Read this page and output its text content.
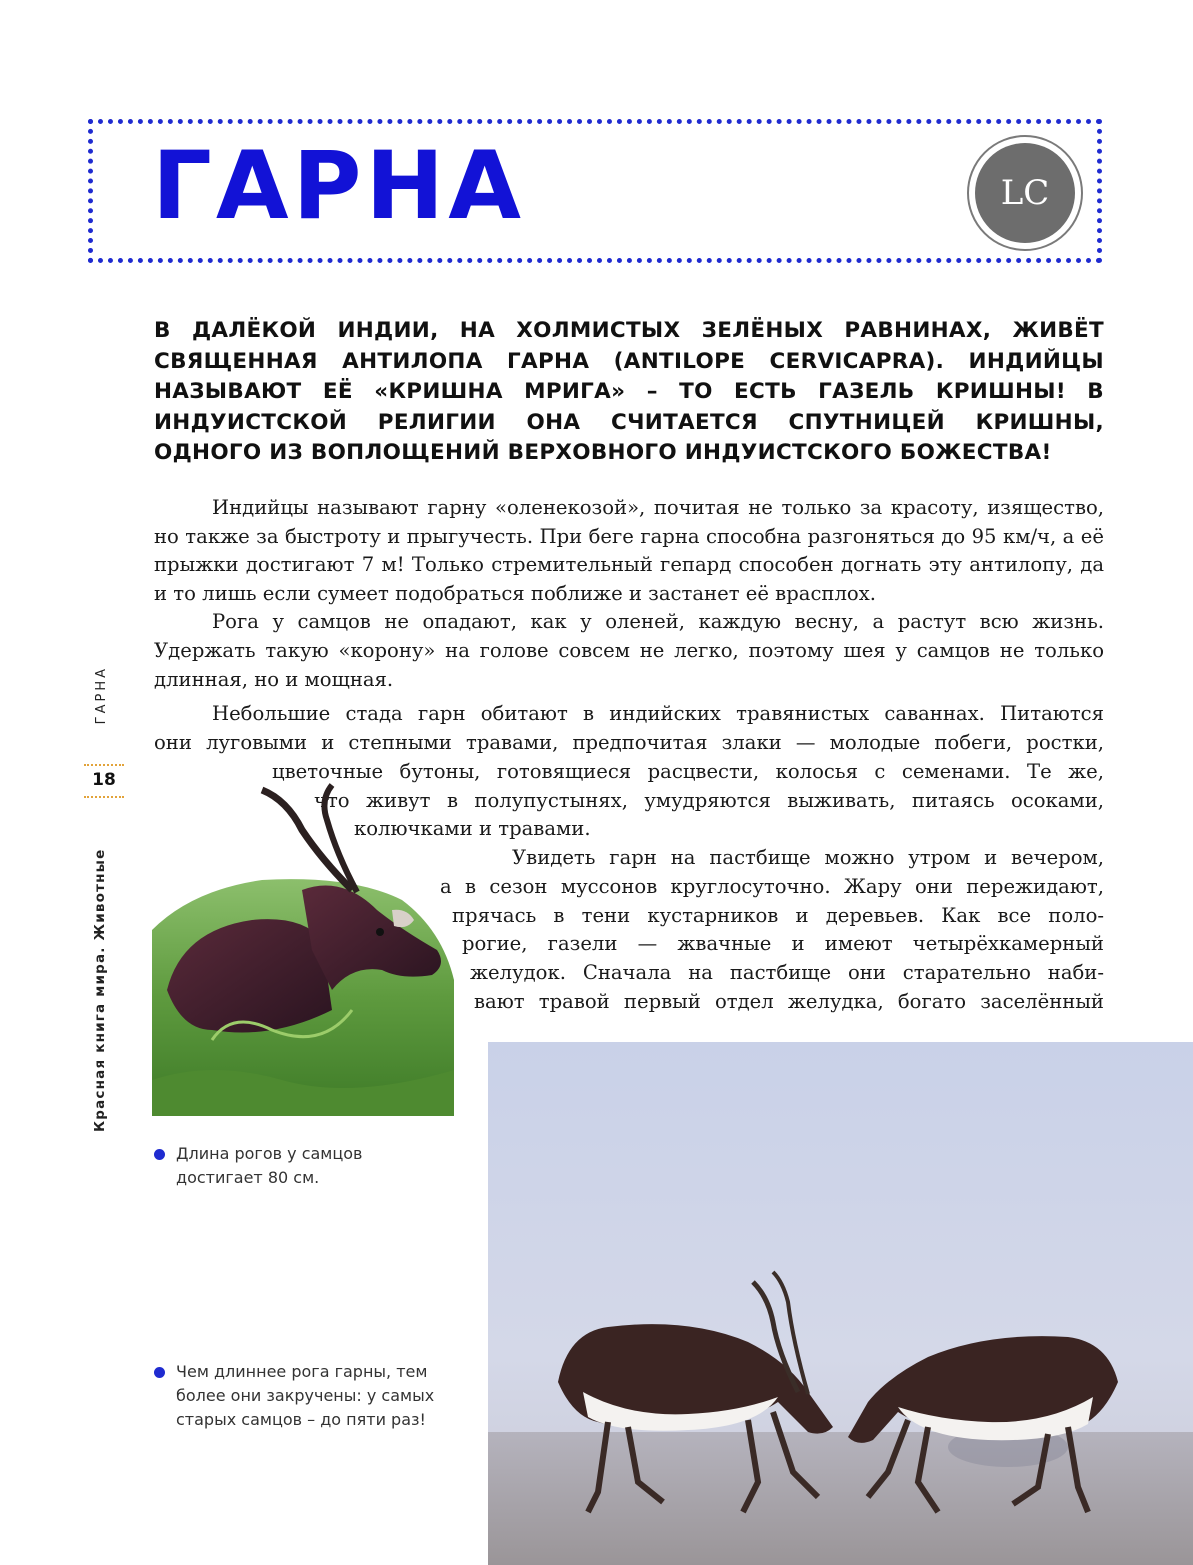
ГАРНА	LC

В ДАЛЁКОЙ ИНДИИ, НА ХОЛМИСТЫХ ЗЕЛЁНЫХ РАВНИНАХ, ЖИВЁТ СВЯЩЕННАЯ АНТИЛОПА ГАРНА (ANTILOPE CERVICAPRA). ИНДИЙЦЫ НАЗЫВАЮТ ЕЁ «КРИШНА МРИГА» – ТО ЕСТЬ ГАЗЕЛЬ КРИШНЫ! В ИНДУИСТСКОЙ РЕЛИГИИ ОНА СЧИТАЕТСЯ СПУТНИЦЕЙ КРИШНЫ, ОДНОГО ИЗ ВОПЛОЩЕНИЙ ВЕРХОВНОГО ИНДУИСТСКОГО БОЖЕСТВА!

Индийцы называют гарну «оленекозой», почитая не только за красоту, изящество, но также за быстроту и прыгучесть. При беге гарна способна разгоняться до 95 км/ч, а её прыжки достигают 7 м! Только стремительный гепард способен догнать эту антилопу, да и то лишь если сумеет подобраться поближе и застанет её врасплох.

Рога у самцов не опадают, как у оленей, каждую весну, а растут всю жизнь. Удержать такую «корону» на голове совсем не легко, поэтому шея у самцов не только длинная, но и мощная.

Небольшие стада гарн обитают в индийских травянистых саваннах. Питаются

они луговыми и степными травами, предпочитая злаки — молодые побеги, ростки,

цветочные бутоны, готовящиеся расцвести, колосья с семенами. Те же,

что живут в полупустынях, умудряются выживать, питаясь осоками,

колючками и травами.

Увидеть гарн на пастбище можно утром и вечером,

а в сезон муссонов круглосуточно. Жару они пережидают,

прячась в тени кустарников и деревьев. Как все поло-

рогие, газели — жвачные и имеют четырёхкамерный

желудок. Сначала на пастбище они старательно наби-

вают травой первый отдел желудка, богато заселённый

ГАРНА
18
Красная книга мира. Животные
Длина рогов у самцов достигает 80 см.
Чем длиннее рога гарны, тем более они закручены: у самых старых самцов – до пяти раз!
